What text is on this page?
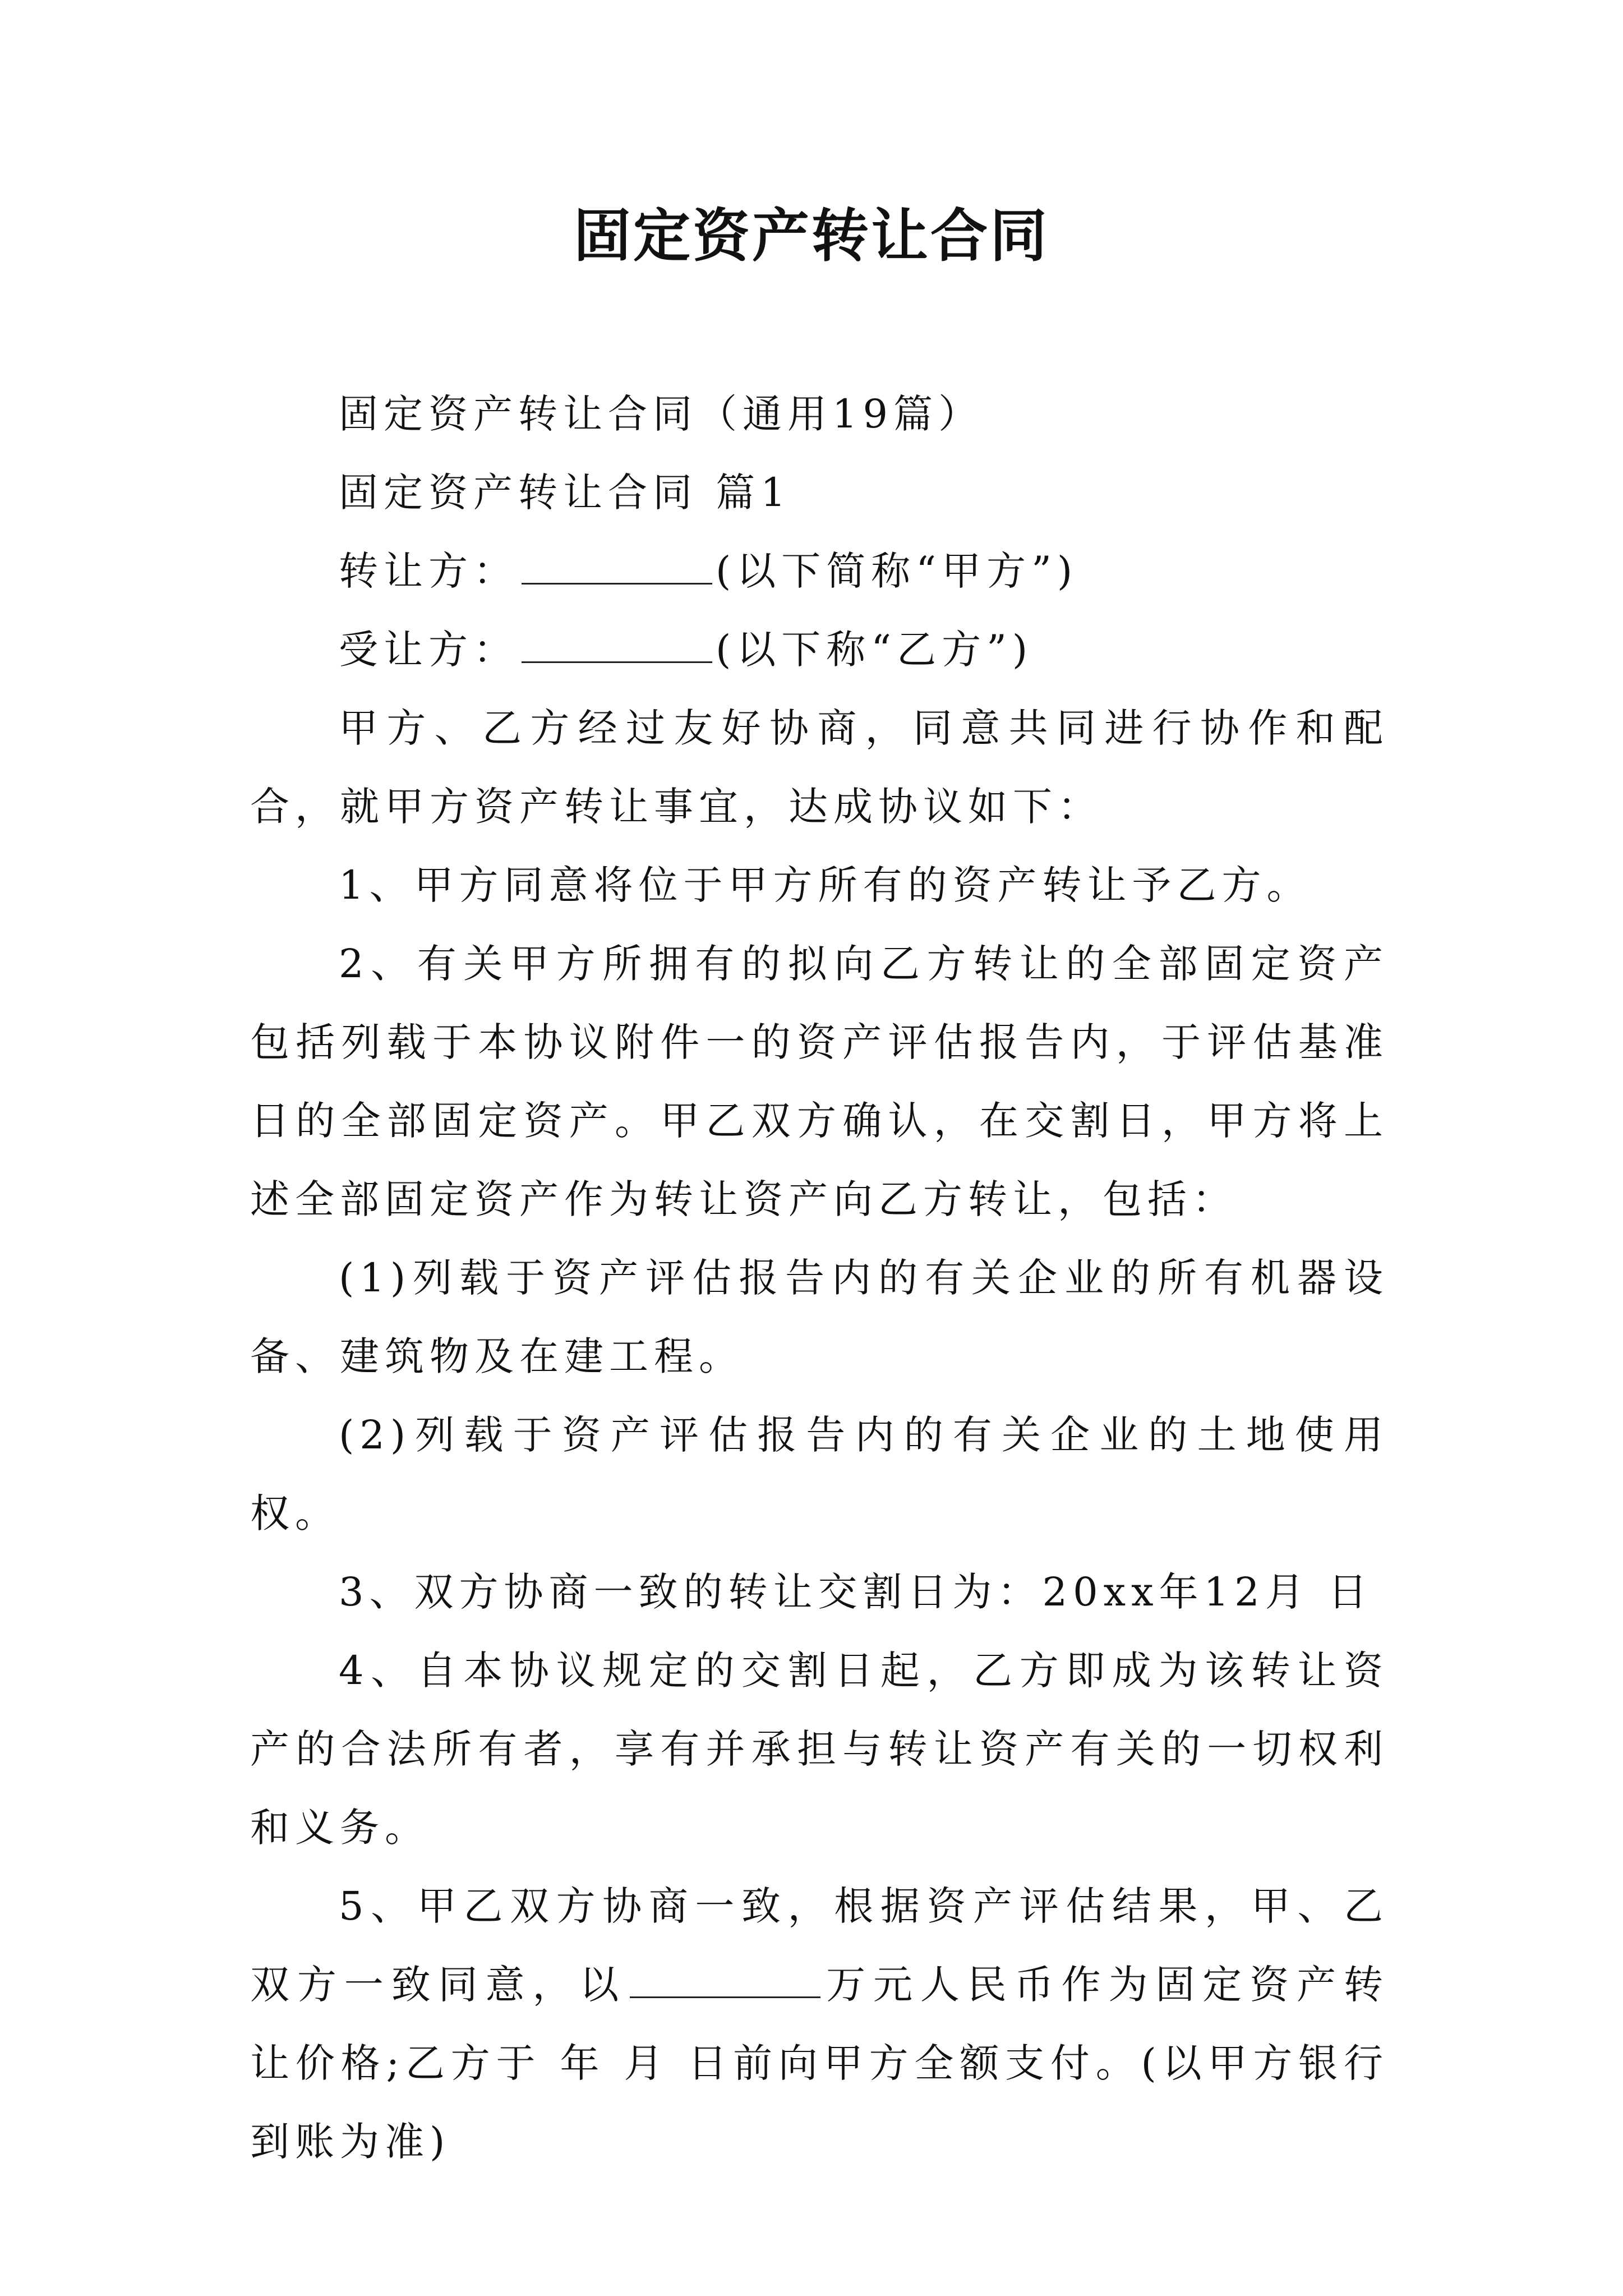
固定资产转让合同

固定资产转让合同（通用19篇）

固定资产转让合同 篇1

转让方：	(以下简称“甲方”)

受让方：	(以下称“乙方”)

甲方、乙方经过友好协商，同意共同进行协作和配合，就甲方资产转让事宜，达成协议如下：

1、甲方同意将位于甲方所有的资产转让予乙方。

2、有关甲方所拥有的拟向乙方转让的全部固定资产包括列载于本协议附件一的资产评估报告内，于评估基准日的全部固定资产。甲乙双方确认，在交割日，甲方将上述全部固定资产作为转让资产向乙方转让，包括：

(1)列载于资产评估报告内的有关企业的所有机器设备、建筑物及在建工程。

(2)列载于资产评估报告内的有关企业的土地使用权。

3、双方协商一致的转让交割日为：20xx年12月 日

4、自本协议规定的交割日起，乙方即成为该转让资产的合法所有者，享有并承担与转让资产有关的一切权利和义务。

5、甲乙双方协商一致，根据资产评估结果，甲、乙双方一致同意，以	万元人民币作为固定资产转让价格;乙方于 年 月 日前向甲方全额支付。(以甲方银行到账为准)
